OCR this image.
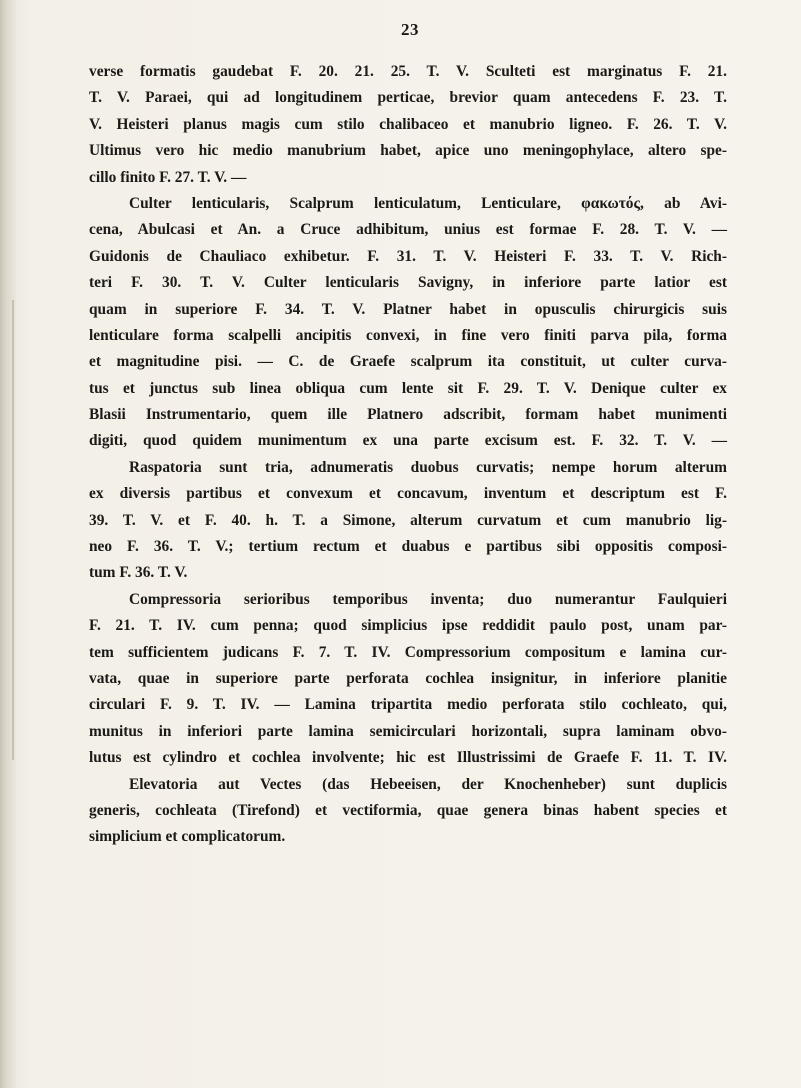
23
verse formatis gaudebat F. 20. 21. 25. T. V. Sculteti est marginatus F. 21.
T. V. Paraei, qui ad longitudinem perticae, brevior quam antecedens F. 23. T.
V. Heisteri planus magis cum stilo chalibaceo et manubrio ligneo. F. 26. T. V.
Ultimus vero hic medio manubrium habet, apice uno meningophylace, altero spe-
cillo finito F. 27. T. V. —
Culter lenticularis, Scalprum lenticulatum, Lenticulare, φακωτός, ab Avi-
cena, Abulcasi et An. a Cruce adhibitum, unius est formae F. 28. T. V. —
Guidonis de Chauliaco exhibetur. F. 31. T. V. Heisteri F. 33. T. V. Rich-
teri F. 30. T. V. Culter lenticularis Savigny, in inferiore parte latior est
quam in superiore F. 34. T. V. Platner habet in opusculis chirurgicis suis
lenticulare forma scalpelli ancipitis convexi, in fine vero finiti parva pila, forma
et magnitudine pisi. — C. de Graefe scalprum ita constituit, ut culter curva-
tus et junctus sub linea obliqua cum lente sit F. 29. T. V. Denique culter ex
Blasii Instrumentario, quem ille Platnero adscribit, formam habet munimenti
digiti, quod quidem munimentum ex una parte excisum est. F. 32. T. V. —
Raspatoria sunt tria, adnumeratis duobus curvatis; nempe horum alterum
ex diversis partibus et convexum et concavum, inventum et descriptum est F.
39. T. V. et F. 40. h. T. a Simone, alterum curvatum et cum manubrio lig-
neo F. 36. T. V.; tertium rectum et duabus e partibus sibi oppositis composi-
tum F. 36. T. V.
Compressoria serioribus temporibus inventa; duo numerantur Faulquieri
F. 21. T. IV. cum penna; quod simplicius ipse reddidit paulo post, unam par-
tem sufficientem judicans F. 7. T. IV. Compressorium compositum e lamina cur-
vata, quae in superiore parte perforata cochlea insignitur, in inferiore planitie
circulari F. 9. T. IV. — Lamina tripartita medio perforata stilo cochleato, qui,
munitus in inferiori parte lamina semicirculari horizontali, supra laminam obvo-
lutus est cylindro et cochlea involvente; hic est Illustrissimi de Graefe F. 11. T. IV.
Elevatoria aut Vectes (das Hebeeisen, der Knochenheber) sunt duplicis
generis, cochleata (Tirefond) et vectiformia, quae genera binas habent species et
simplicium et complicatorum.
